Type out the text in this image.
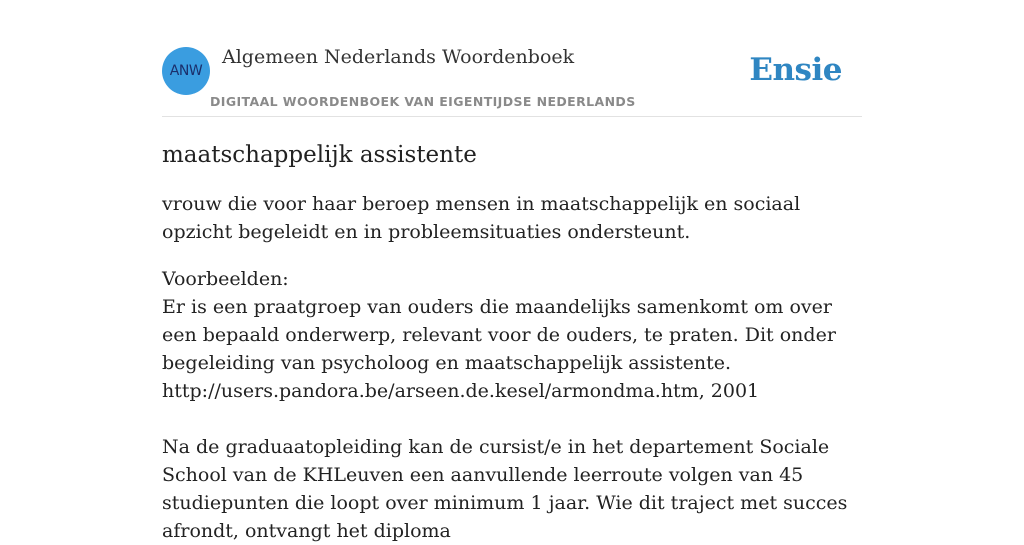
ANW
Algemeen Nederlands Woordenboek
DIGITAAL WOORDENBOEK VAN EIGENTIJDSE NEDERLANDS
Ensie
maatschappelijk assistente

vrouw die voor haar beroep mensen in maatschappelijk en sociaal opzicht begeleidt en in probleemsituaties ondersteunt.

Voorbeelden:
Er is een praatgroep van ouders die maandelijks samenkomt om over een bepaald onderwerp, relevant voor de ouders, te praten. Dit onder begeleiding van psycholoog en maatschappelijk assistente.
http://users.pandora.be/arseen.de.kesel/armondma.htm, 2001
Na de graduaatopleiding kan de cursist/e in het departement Sociale School van de KHLeuven een aanvullende leerroute volgen van 45 studiepunten die loopt over minimum 1 jaar. Wie dit traject met succes afrondt, ontvangt het diploma
